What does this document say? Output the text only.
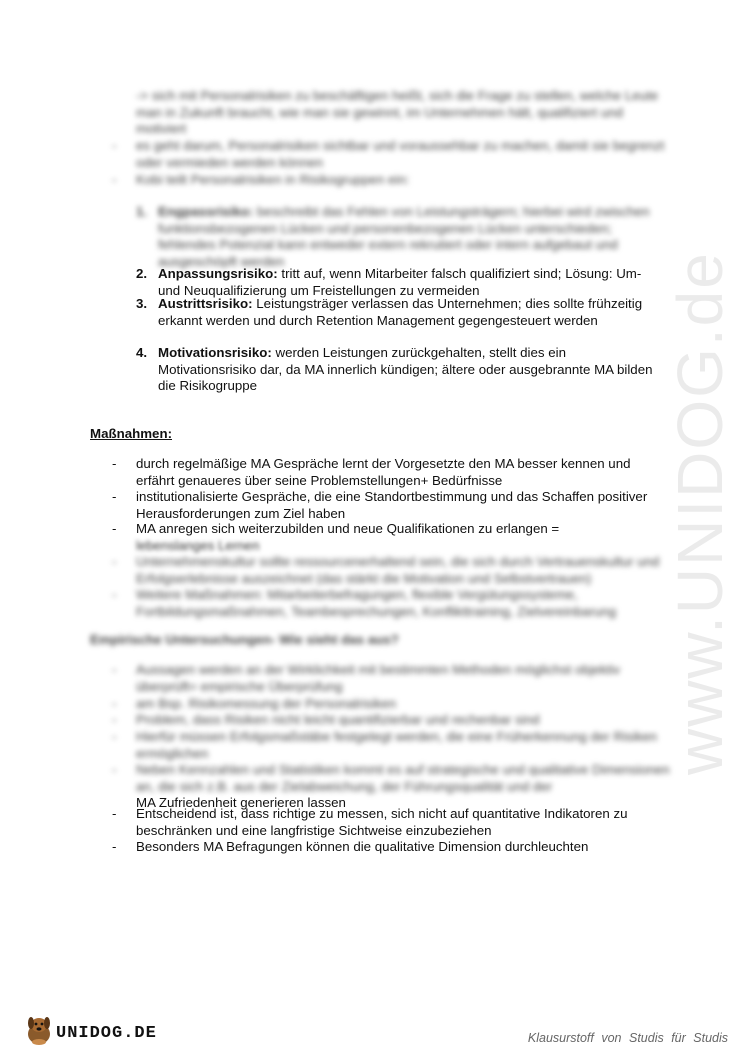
www.UNIDOG.de
-> sich mit Personalrisiken zu beschäftigen heißt, sich die Frage zu stellen, welche Leute man in Zukunft braucht, wie man sie gewinnt, im Unternehmen hält, qualifiziert und motiviert
-	es geht darum, Personalrisiken sichtbar und voraussehbar zu machen, damit sie begrenzt oder vermieden werden können
-	Kobi teilt Personalrisiken in Risikogruppen ein:
1. Engpassrisiko: beschreibt das Fehlen von Leistungsträgern; hierbei wird zwischen funktionsbezogenen Lücken und personenbezogenen Lücken unterschieden; fehlendes Potenzial kann entweder extern rekrutiert oder intern aufgebaut und ausgeschöpft werden
2. Anpassungsrisiko: tritt auf, wenn Mitarbeiter falsch qualifiziert sind; Lösung: Um- und Neuqualifizierung um Freistellungen zu vermeiden
3. Austrittsrisiko: Leistungsträger verlassen das Unternehmen; dies sollte frühzeitig erkannt werden und durch Retention Management gegengesteuert werden
4. Motivationsrisiko: werden Leistungen zurückgehalten, stellt dies ein Motivationsrisiko dar, da MA innerlich kündigen; ältere oder ausgebrannte MA bilden die Risikogruppe
Maßnahmen:
-	durch regelmäßige MA Gespräche lernt der Vorgesetzte den MA besser kennen und erfährt genaueres über seine Problemstellungen+ Bedürfnisse
-	institutionalisierte Gespräche, die eine Standortbestimmung und das Schaffen positiver Herausforderungen zum Ziel haben
-	MA anregen sich weiterzubilden und neue Qualifikationen zu erlangen =
lebenslanges Lernen
-	Unternehmenskultur sollte ressourcenerhaltend sein, die sich durch Vertrauenskultur und Erfolgserlebnisse auszeichnet (das stärkt die Motivation und Selbstvertrauen)
-	Weitere Maßnahmen: Mitarbeiterbefragungen, flexible Vergütungssysteme, Fortbildungsmaßnahmen, Teambesprechungen, Konflikttraining, Zielvereinbarung
Empirische Untersuchungen- Wie sieht das aus?
-	Aussagen werden an der Wirklichkeit mit bestimmten Methoden möglichst objektiv überprüft= empirische Überprüfung
-	am Bsp. Risikomessung der Personalrisiken
-	Problem, dass Risiken nicht leicht quantifizierbar und rechenbar sind
-	Hierfür müssen Erfolgsmaßstäbe festgelegt werden, die eine Früherkennung der Risiken ermöglichen
-	Neben Kennzahlen und Statistiken kommt es auf strategische und qualitative Dimensionen an, die sich z.B. aus der Zielabweichung, der Führungsqualität und der
MA Zufriedenheit generieren lassen
-	Entscheidend ist, dass richtige zu messen, sich nicht auf quantitative Indikatoren zu beschränken und eine langfristige Sichtweise einzubeziehen
-	Besonders MA Befragungen können die qualitative Dimension durchleuchten
UNIDOG.DE	Klausurstoff von Studis für Studis
